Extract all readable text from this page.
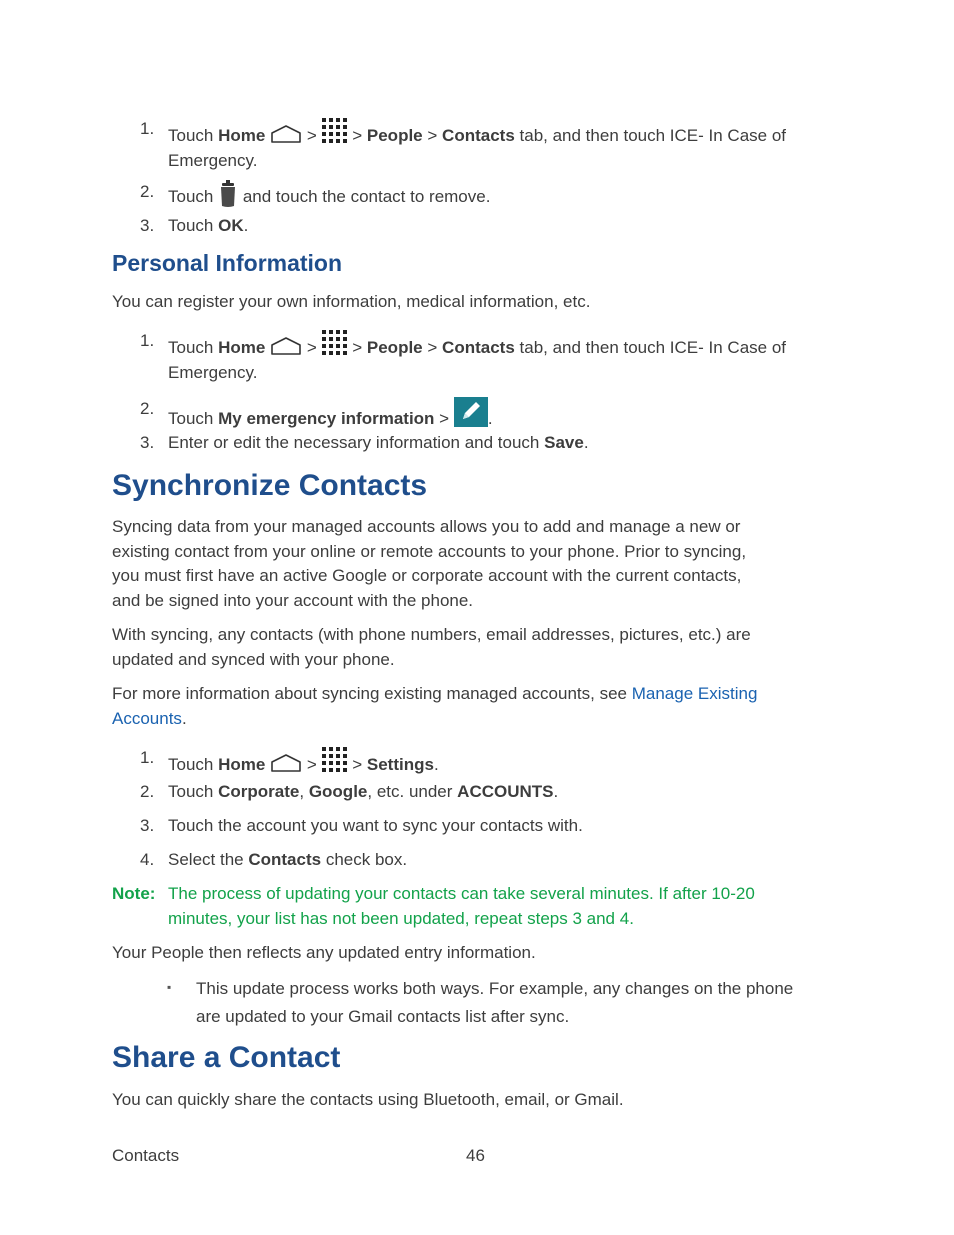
1. Touch Home > > People > Contacts tab, and then touch ICE- In Case of
Emergency.
2. Touch and touch the contact to remove.
3. Touch OK.
Personal Information
You can register your own information, medical information, etc.
1. Touch Home > > People > Contacts tab, and then touch ICE- In Case of
Emergency.
2.
Touch My emergency information > .
3. Enter or edit the necessary information and touch Save.
Synchronize Contacts
Syncing data from your managed accounts allows you to add and manage a new or
existing contact from your online or remote accounts to your phone. Prior to syncing,
you must first have an active Google or corporate account with the current contacts,
and be signed into your account with the phone.
With syncing, any contacts (with phone numbers, email addresses, pictures, etc.) are
updated and synced with your phone.
For more information about syncing existing managed accounts, see Manage Existing
Accounts.
1. Touch Home > > Settings.
2. Touch Corporate, Google, etc. under ACCOUNTS.
3. Touch the account you want to sync your contacts with.
4. Select the Contacts check box.
Note: The process of updating your contacts can take several minutes. If after 10-20
minutes, your list has not been updated, repeat steps 3 and 4.
Your People then reflects any updated entry information.
▪ This update process works both ways. For example, any changes on the phone
are updated to your Gmail contacts list after sync.
Share a Contact
You can quickly share the contacts using Bluetooth, email, or Gmail.
Contacts	46
